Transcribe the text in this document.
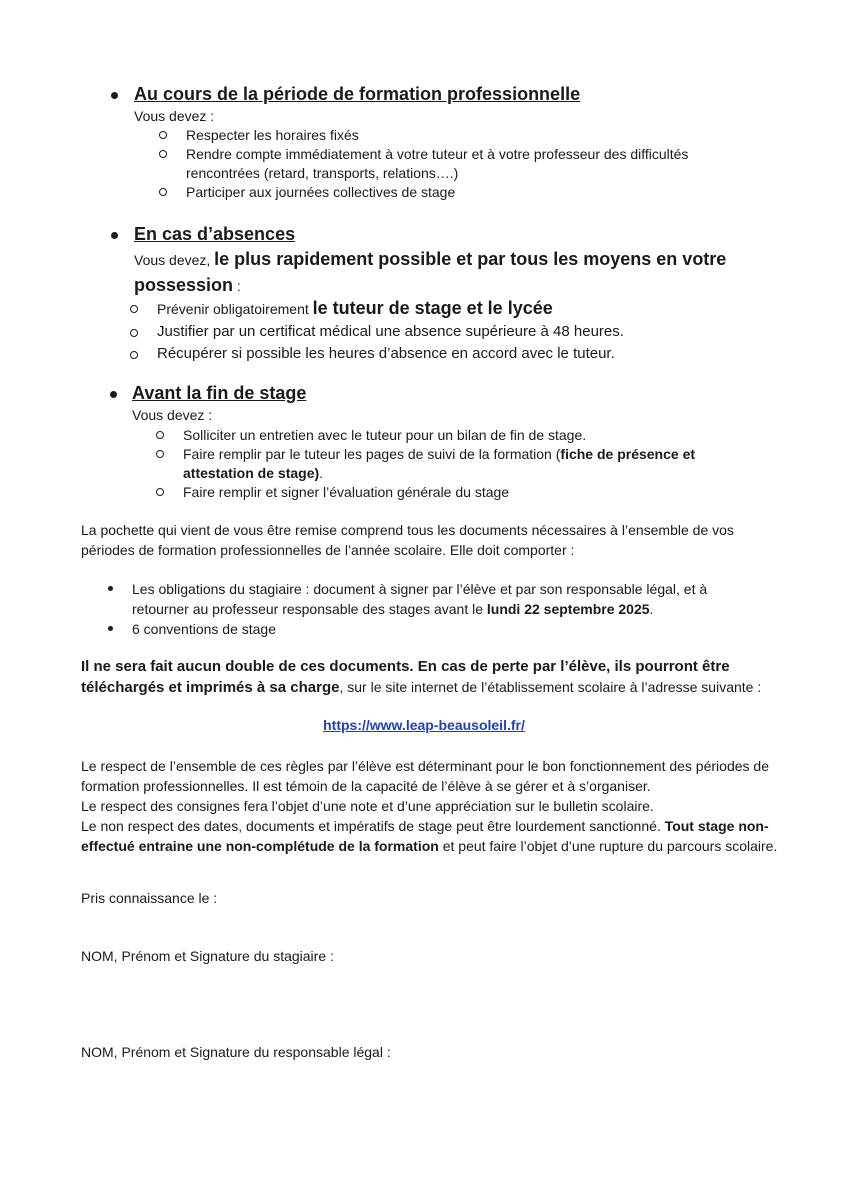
Au cours de la période de formation professionnelle
Vous devez :
Respecter les horaires fixés
Rendre compte immédiatement à votre tuteur et à votre professeur des difficultés rencontrées (retard, transports, relations….)
Participer aux journées collectives de stage
En cas d’absences
Vous devez, le plus rapidement possible et par tous les moyens en votre possession :
Prévenir obligatoirement le tuteur de stage et le lycée
Justifier par un certificat médical une absence supérieure à 48 heures.
Récupérer si possible les heures d’absence en accord avec le tuteur.
Avant la fin de stage
Vous devez :
Solliciter un entretien avec le tuteur pour un bilan de fin de stage.
Faire remplir par le tuteur les pages de suivi de la formation (fiche de présence et attestation de stage).
Faire remplir et signer l’évaluation générale du stage
La pochette qui vient de vous être remise comprend tous les documents nécessaires à l’ensemble de vos périodes de formation professionnelles de l’année scolaire. Elle doit comporter :
Les obligations du stagiaire : document à signer par l’élève et par son responsable légal, et à retourner au professeur responsable des stages avant le lundi 22 septembre 2025.
6 conventions de stage
Il ne sera fait aucun double de ces documents. En cas de perte par l’élève, ils pourront être téléchargés et imprimés à sa charge, sur le site internet de l’établissement scolaire à l’adresse suivante :
https://www.leap-beausoleil.fr/
Le respect de l’ensemble de ces règles par l’élève est déterminant pour le bon fonctionnement des périodes de formation professionnelles. Il est témoin de la capacité de l’élève à se gérer et à s’organiser.
Le respect des consignes fera l’objet d’une note et d’une appréciation sur le bulletin scolaire.
Le non respect des dates, documents et impératifs de stage peut être lourdement sanctionné. Tout stage non-effectué entraine une non-complétude de la formation et peut faire l’objet d’une rupture du parcours scolaire.
Pris connaissance le :
NOM, Prénom et Signature du stagiaire :
NOM, Prénom et Signature du responsable légal :
